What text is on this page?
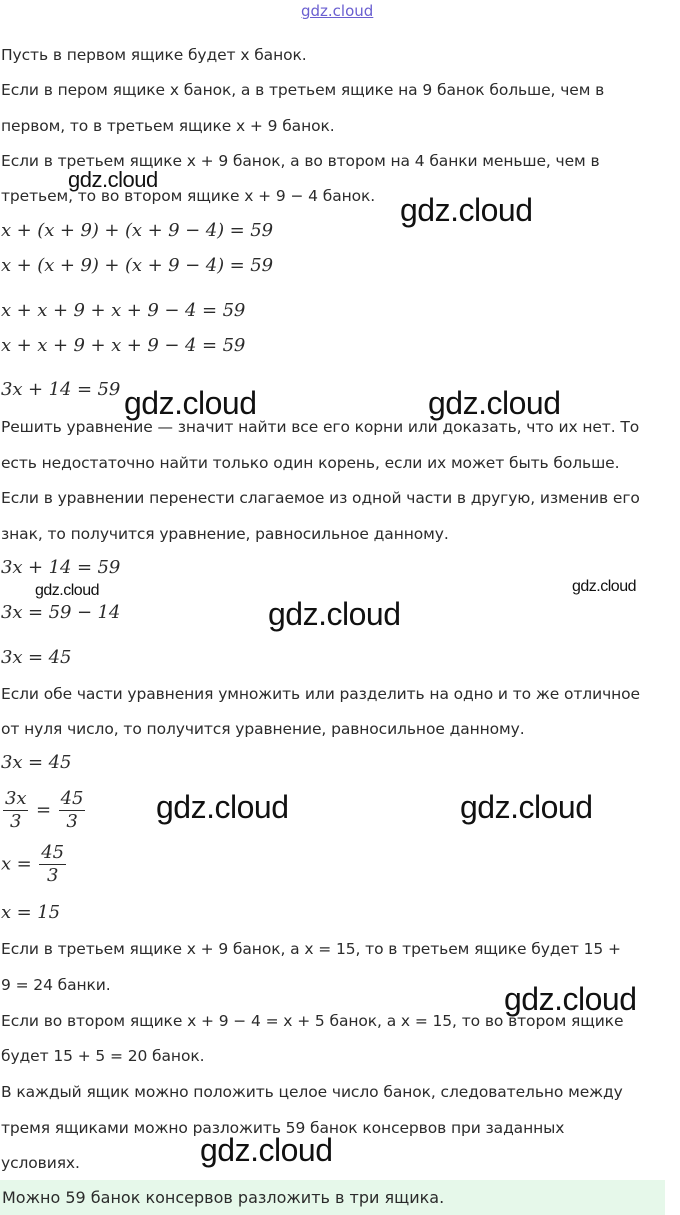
gdz.cloud
Пусть в первом ящике будет x банок.
Если в пером ящике x банок, а в третьем ящике на 9 банок больше, чем в
первом, то в третьем ящике x + 9 банок.
Если в третьем ящике x + 9 банок, а во втором на 4 банки меньше, чем в
третьем, то во втором ящике x + 9 − 4 банок.
x + (x + 9) + (x + 9 − 4) = 59
x + (x + 9) + (x + 9 − 4) = 59
x + x + 9 + x + 9 − 4 = 59
x + x + 9 + x + 9 − 4 = 59
3x + 14 = 59
Решить уравнение — значит найти все его корни или доказать, что их нет. То
есть недостаточно найти только один корень, если их может быть больше.
Если в уравнении перенести слагаемое из одной части в другую, изменив его
знак, то получится уравнение, равносильное данному.
3x + 14 = 59
3x = 59 − 14
3x = 45
Если обе части уравнения умножить или разделить на одно и то же отличное
от нуля число, то получится уравнение, равносильное данному.
3x = 45
$\frac{3x}{3} = \frac{45}{3}$
$x = \frac{45}{3}$
x = 15
Если в третьем ящике x + 9 банок, а x = 15, то в третьем ящике будет 15 +
9 = 24 банки.
Если во втором ящике x + 9 − 4 = x + 5 банок, а x = 15, то во втором ящике
будет 15 + 5 = 20 банок.
В каждый ящик можно положить целое число банок, следовательно между
тремя ящиками можно разложить 59 банок консервов при заданных
условиях.
Можно 59 банок консервов разложить в три ящика.
gdz.cloud
gdz.cloud
gdz.cloud	gdz.cloud
gdz.cloud	gdz.cloud
gdz.cloud
gdz.cloud	gdz.cloud
gdz.cloud
gdz.cloud
